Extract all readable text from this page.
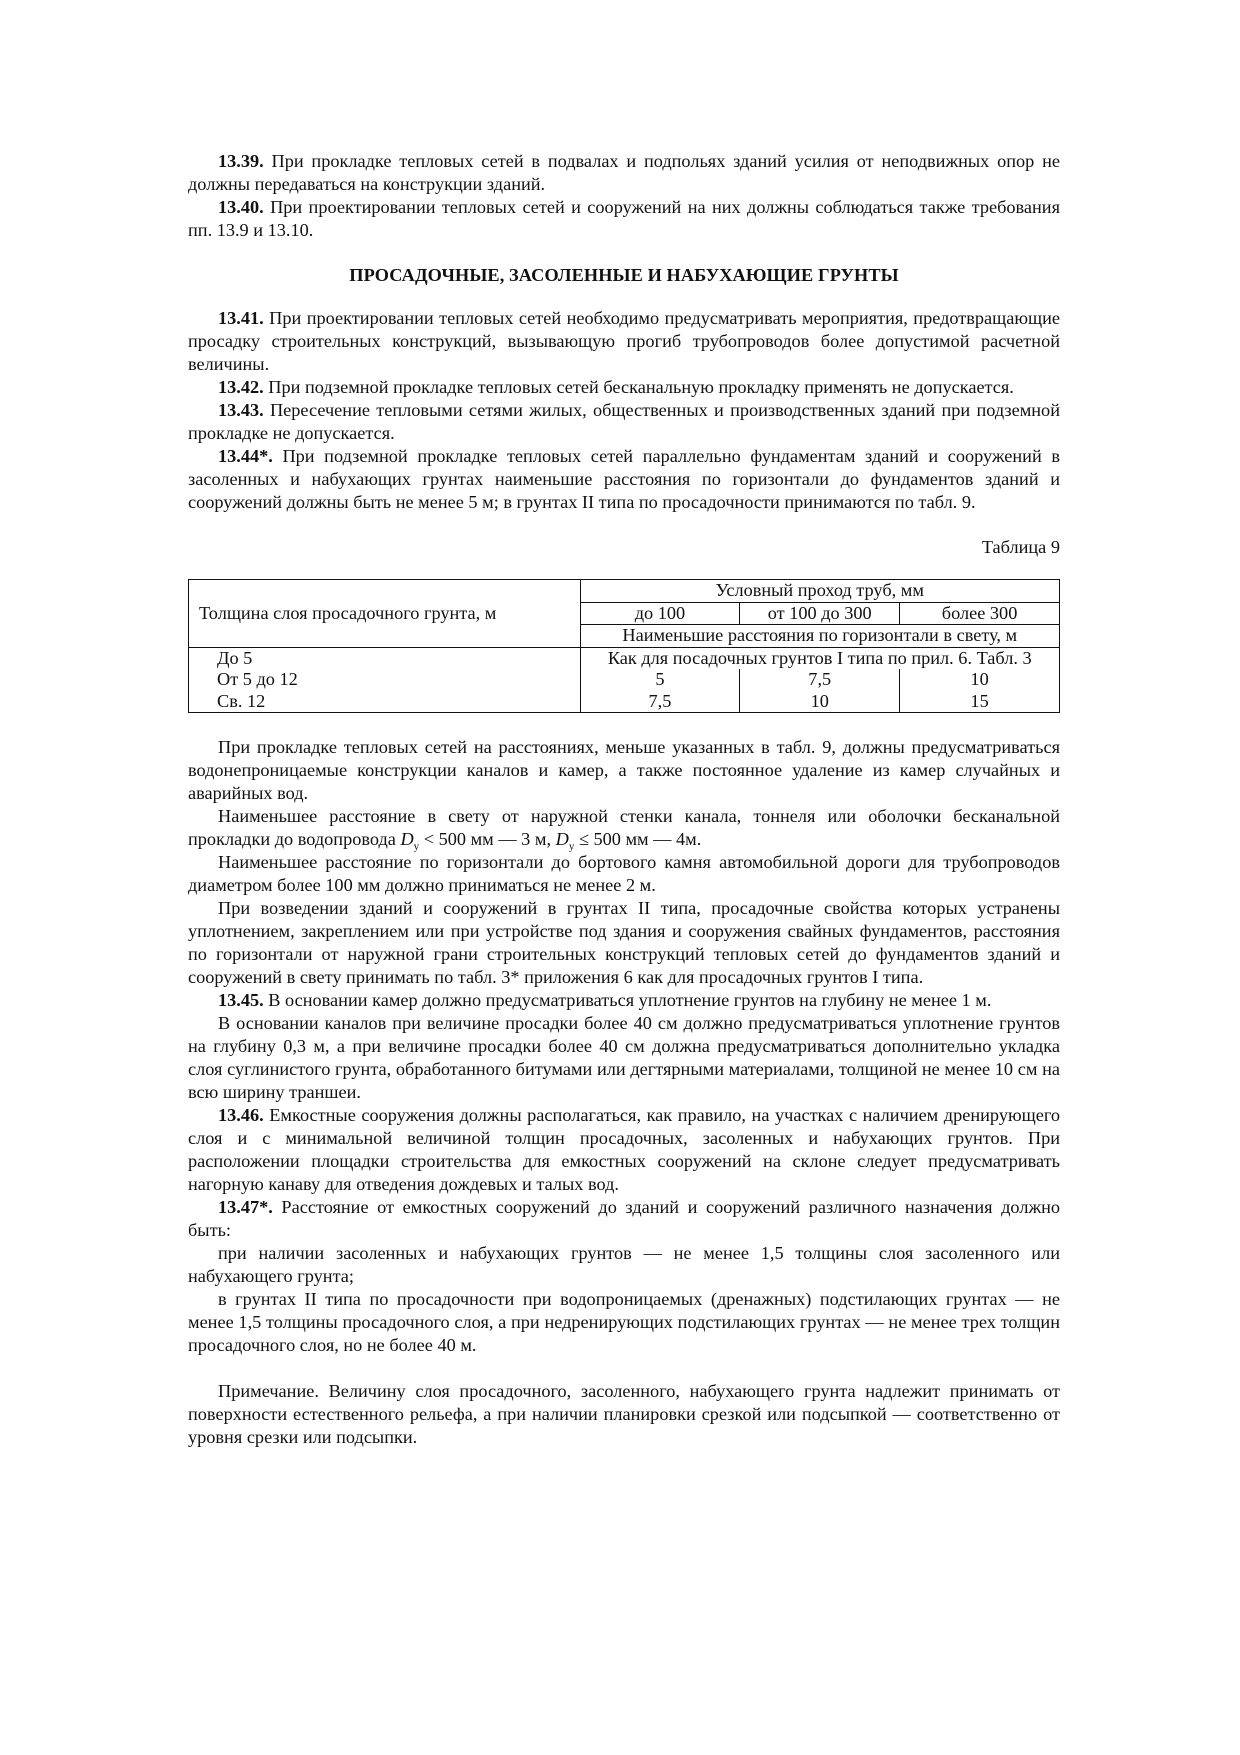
13.39. При прокладке тепловых сетей в подвалах и подпольях зданий усилия от неподвижных опор не должны передаваться на конструкции зданий.

13.40. При проектировании тепловых сетей и сооружений на них должны соблюдаться также требования пп. 13.9 и 13.10.

ПРОСАДОЧНЫЕ, ЗАСОЛЕННЫЕ И НАБУХАЮЩИЕ ГРУНТЫ

13.41. При проектировании тепловых сетей необходимо предусматривать мероприятия, предотвращающие просадку строительных конструкций, вызывающую прогиб трубопроводов более допустимой расчетной величины.

13.42. При подземной прокладке тепловых сетей бесканальную прокладку применять не допускается.

13.43. Пересечение тепловыми сетями жилых, общественных и производственных зданий при подземной прокладке не допускается.

13.44*. При подземной прокладке тепловых сетей параллельно фундаментам зданий и сооружений в засоленных и набухающих грунтах наименьшие расстояния по горизонтали до фундаментов зданий и сооружений должны быть не менее 5 м; в грунтах II типа по просадочности принимаются по табл. 9.

Таблица 9
Толщина слоя просадочного грунта, м	Условный проход труб, мм		
	до 100	от 100 до 300	более 300
	Наименьшие расстояния по горизонтали в свету, м		
До 5	Как для посадочных грунтов I типа по прил. 6. Табл. 3		
От 5 до 12	5	7,5	10
Св. 12	7,5	10	15

При прокладке тепловых сетей на расстояниях, меньше указанных в табл. 9, должны предусматриваться водонепроницаемые конструкции каналов и камер, а также постоянное удаление из камер случайных и аварийных вод.

Наименьшее расстояние в свету от наружной стенки канала, тоннеля или оболочки бесканальной прокладки до водопровода $D_у < 500$ мм — 3 м, $D_у \le 500$ мм — 4м.

Наименьшее расстояние по горизонтали до бортового камня автомобильной дороги для трубопроводов диаметром более 100 мм должно приниматься не менее 2 м.

При возведении зданий и сооружений в грунтах II типа, просадочные свойства которых устранены уплотнением, закреплением или при устройстве под здания и сооружения свайных фундаментов, расстояния по горизонтали от наружной грани строительных конструкций тепловых сетей до фундаментов зданий и сооружений в свету принимать по табл. 3* приложения 6 как для просадочных грунтов I типа.

13.45. В основании камер должно предусматриваться уплотнение грунтов на глубину не менее 1 м.

В основании каналов при величине просадки более 40 см должно предусматриваться уплотнение грунтов на глубину 0,3 м, а при величине просадки более 40 см должна предусматриваться дополнительно укладка слоя суглинистого грунта, обработанного битумами или дегтярными материалами, толщиной не менее 10 см на всю ширину траншеи.

13.46. Емкостные сооружения должны располагаться, как правило, на участках с наличием дренирующего слоя и с минимальной величиной толщин просадочных, засоленных и набухающих грунтов. При расположении площадки строительства для емкостных сооружений на склоне следует предусматривать нагорную канаву для отведения дождевых и талых вод.

13.47*. Расстояние от емкостных сооружений до зданий и сооружений различного назначения должно быть:

при наличии засоленных и набухающих грунтов — не менее 1,5 толщины слоя засоленного или набухающего грунта;

в грунтах II типа по просадочности при водопроницаемых (дренажных) подстилающих грунтах — не менее 1,5 толщины просадочного слоя, а при недренирующих подстилающих грунтах — не менее трех толщин просадочного слоя, но не более 40 м.

Примечание. Величину слоя просадочного, засоленного, набухающего грунта надлежит принимать от поверхности естественного рельефа, а при наличии планировки срезкой или подсыпкой — соответственно от уровня срезки или подсыпки.
